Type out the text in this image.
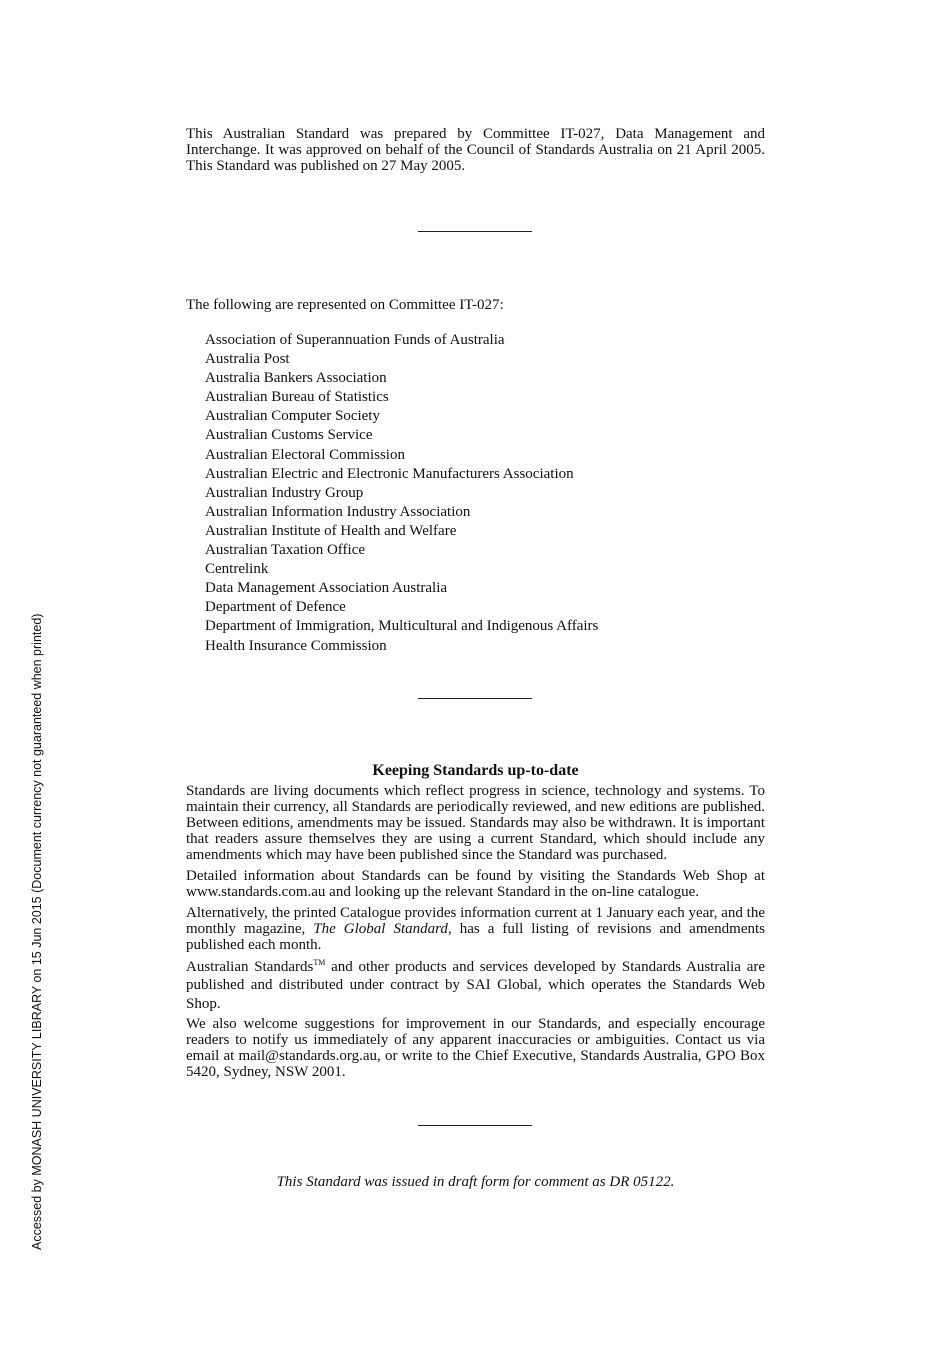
Accessed by MONASH UNIVERSITY LIBRARY on 15 Jun 2015 (Document currency not guaranteed when printed)

This Australian Standard was prepared by Committee IT-027, Data Management and Interchange. It was approved on behalf of the Council of Standards Australia on 21 April 2005. This Standard was published on 27 May 2005.

The following are represented on Committee IT-027:

Association of Superannuation Funds of Australia
Australia Post
Australia Bankers Association
Australian Bureau of Statistics
Australian Computer Society
Australian Customs Service
Australian Electoral Commission
Australian Electric and Electronic Manufacturers Association
Australian Industry Group
Australian Information Industry Association
Australian Institute of Health and Welfare
Australian Taxation Office
Centrelink
Data Management Association Australia
Department of Defence
Department of Immigration, Multicultural and Indigenous Affairs
Health Insurance Commission
Keeping Standards up-to-date

Standards are living documents which reflect progress in science, technology and systems. To maintain their currency, all Standards are periodically reviewed, and new editions are published. Between editions, amendments may be issued. Standards may also be withdrawn. It is important that readers assure themselves they are using a current Standard, which should include any amendments which may have been published since the Standard was purchased.

Detailed information about Standards can be found by visiting the Standards Web Shop at www.standards.com.au and looking up the relevant Standard in the on-line catalogue.

Alternatively, the printed Catalogue provides information current at 1 January each year, and the monthly magazine, The Global Standard, has a full listing of revisions and amendments published each month.

Australian Standards™ and other products and services developed by Standards Australia are published and distributed under contract by SAI Global, which operates the Standards Web Shop.

We also welcome suggestions for improvement in our Standards, and especially encourage readers to notify us immediately of any apparent inaccuracies or ambiguities. Contact us via email at mail@standards.org.au, or write to the Chief Executive, Standards Australia, GPO Box 5420, Sydney, NSW 2001.

This Standard was issued in draft form for comment as DR 05122.
